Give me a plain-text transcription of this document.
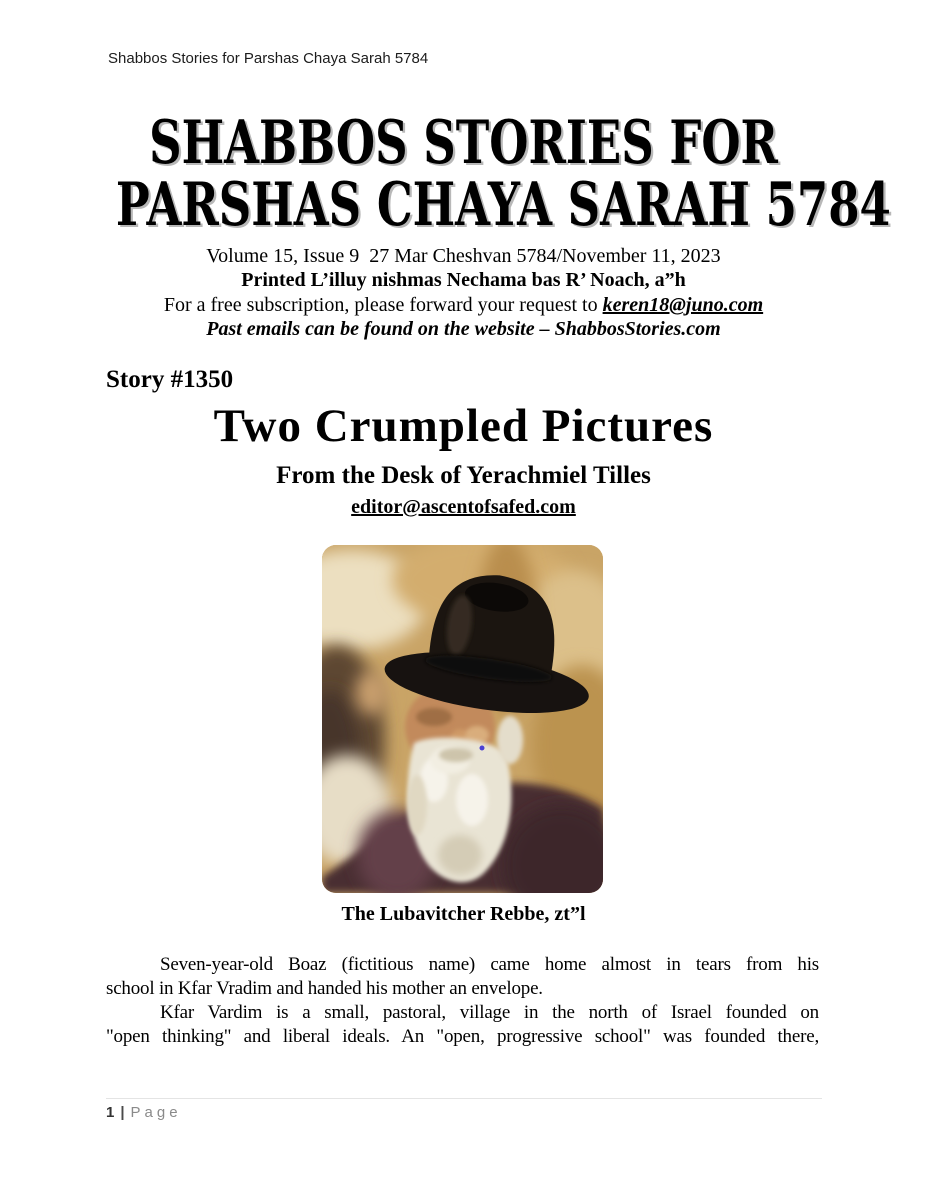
Shabbos Stories for Parshas Chaya Sarah 5784
SHABBOS STORIES FOR
PARSHAS CHAYA SARAH 5784
Volume 15, Issue 9  27 Mar Cheshvan 5784/November 11, 2023
Printed L’illuy nishmas Nechama bas R’ Noach, a”h
For a free subscription, please forward your request to keren18@juno.com
Past emails can be found on the website – ShabbosStories.com
Story #1350
Two Crumpled Pictures
From the Desk of Yerachmiel Tilles
editor@ascentofsafed.com
The Lubavitcher Rebbe, zt”l
Seven-year-old Boaz (fictitious name) came home almost in tears from his
school in Kfar Vradim and handed his mother an envelope.
Kfar Vardim is a small, pastoral, village in the north of Israel founded on
"open thinking" and liberal ideals. An "open, progressive school" was founded there,
1 | Page
